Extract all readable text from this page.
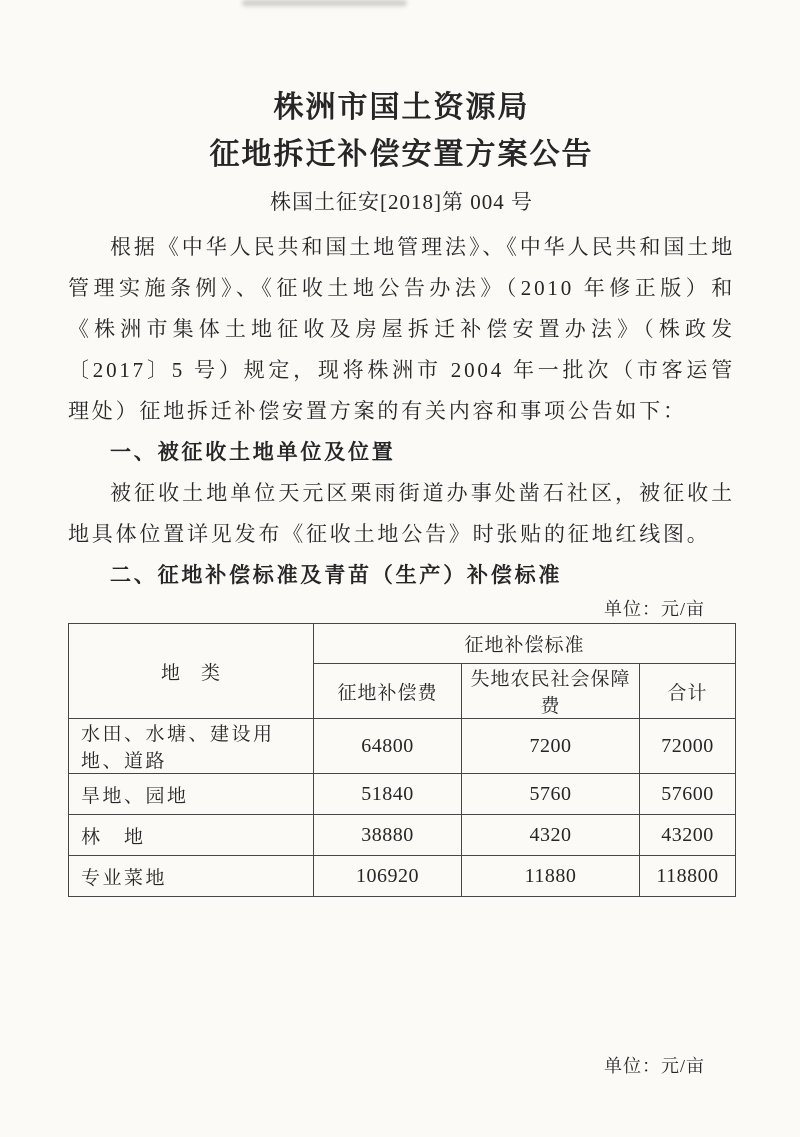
株洲市国土资源局
征地拆迁补偿安置方案公告
株国土征安[2018]第 004 号

根据《中华人民共和国土地管理法》、《中华人民共和国土地管理实施条例》、《征收土地公告办法》（2010 年修正版）和《株洲市集体土地征收及房屋拆迁补偿安置办法》（株政发〔2017〕5 号）规定，现将株洲市 2004 年一批次（市客运管理处）征地拆迁补偿安置方案的有关内容和事项公告如下：

一、被征收土地单位及位置

被征收土地单位天元区栗雨街道办事处凿石社区，被征收土地具体位置详见发布《征收土地公告》时张贴的征地红线图。

二、征地补偿标准及青苗（生产）补偿标准

单位：元/亩
地　类	征地补偿标准		
	征地补偿费	失地农民社会保障费	合计
水田、水塘、建设用地、道路	64800	7200	72000
旱地、园地	51840	5760	57600
林　地	38880	4320	43200
专业菜地	106920	11880	118800
单位：元/亩
